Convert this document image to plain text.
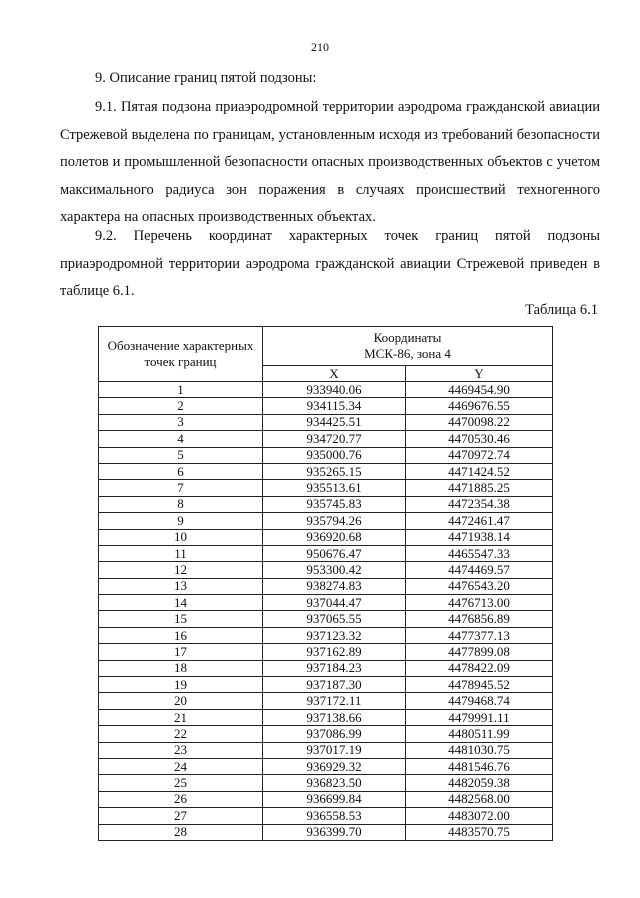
210
9. Описание границ пятой подзоны:

9.1. Пятая подзона приаэродромной территории аэродрома гражданской авиации Стрежевой выделена по границам, установленным исходя из требований безопасности полетов и промышленной безопасности опасных производственных объектов с учетом максимального радиуса зон поражения в случаях происшествий техногенного характера на опасных производственных объектах.

9.2. Перечень координат характерных точек границ пятой подзоны приаэродромной территории аэродрома гражданской авиации Стрежевой приведен в таблице 6.1.

Таблица 6.1
Обозначение характерных точек границ	Координаты
МСК-86, зона 4	
	X	Y
1	933940.06	4469454.90
2	934115.34	4469676.55
3	934425.51	4470098.22
4	934720.77	4470530.46
5	935000.76	4470972.74
6	935265.15	4471424.52
7	935513.61	4471885.25
8	935745.83	4472354.38
9	935794.26	4472461.47
10	936920.68	4471938.14
11	950676.47	4465547.33
12	953300.42	4474469.57
13	938274.83	4476543.20
14	937044.47	4476713.00
15	937065.55	4476856.89
16	937123.32	4477377.13
17	937162.89	4477899.08
18	937184.23	4478422.09
19	937187.30	4478945.52
20	937172.11	4479468.74
21	937138.66	4479991.11
22	937086.99	4480511.99
23	937017.19	4481030.75
24	936929.32	4481546.76
25	936823.50	4482059.38
26	936699.84	4482568.00
27	936558.53	4483072.00
28	936399.70	4483570.75
